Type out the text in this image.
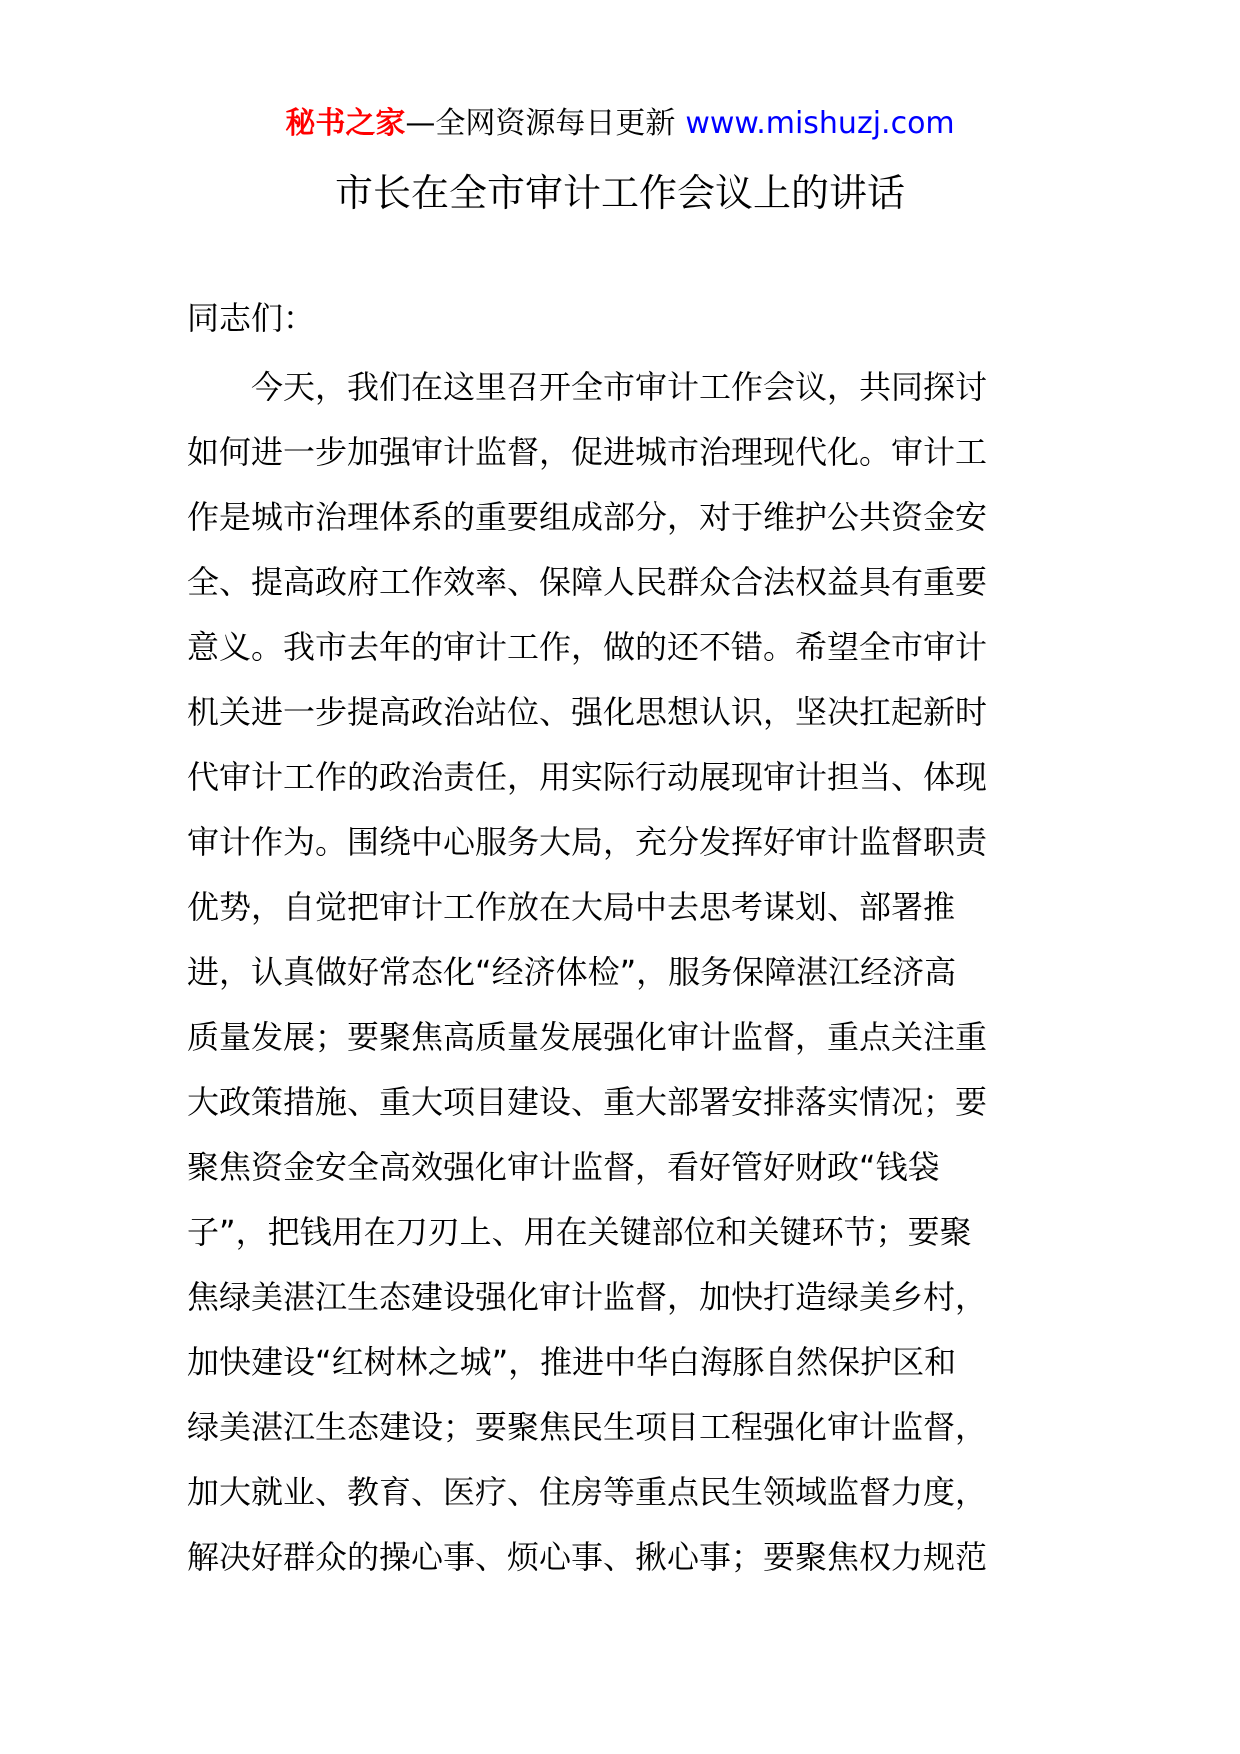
秘书之家—全网资源每日更新 www.mishuzj.com
市长在全市审计工作会议上的讲话

同志们：

今天，我们在这里召开全市审计工作会议，共同探讨
如何进一步加强审计监督，促进城市治理现代化。审计工
作是城市治理体系的重要组成部分，对于维护公共资金安
全、提高政府工作效率、保障人民群众合法权益具有重要
意义。我市去年的审计工作，做的还不错。希望全市审计
机关进一步提高政治站位、强化思想认识，坚决扛起新时
代审计工作的政治责任，用实际行动展现审计担当、体现
审计作为。围绕中心服务大局，充分发挥好审计监督职责
优势，自觉把审计工作放在大局中去思考谋划、部署推
进，认真做好常态化“经济体检”，服务保障湛江经济高
质量发展；要聚焦高质量发展强化审计监督，重点关注重
大政策措施、重大项目建设、重大部署安排落实情况；要
聚焦资金安全高效强化审计监督，看好管好财政“钱袋
子”，把钱用在刀刃上、用在关键部位和关键环节；要聚
焦绿美湛江生态建设强化审计监督，加快打造绿美乡村，
加快建设“红树林之城”，推进中华白海豚自然保护区和
绿美湛江生态建设；要聚焦民生项目工程强化审计监督，
加大就业、教育、医疗、住房等重点民生领域监督力度，
解决好群众的操心事、烦心事、揪心事；要聚焦权力规范
